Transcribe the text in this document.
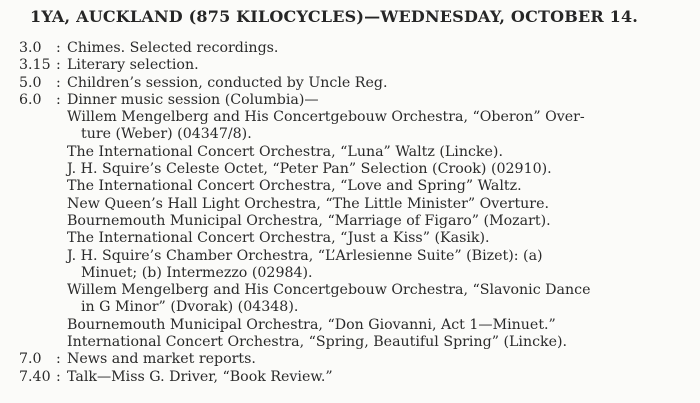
1YA, AUCKLAND (875 KILOCYCLES)—WEDNESDAY, OCTOBER 14.
3.0	: Chimes. Selected recordings.
3.15 : Literary selection.
5.0	: Children’s session, conducted by Uncle Reg.
6.0	: Dinner music session (Columbia)—
Willem Mengelberg and His Concertgebouw Orchestra, “Oberon” Over-
ture (Weber) (04347/8).
The International Concert Orchestra, “Luna” Waltz (Lincke).
J. H. Squire’s Celeste Octet, “Peter Pan” Selection (Crook) (02910).
The International Concert Orchestra, “Love and Spring” Waltz.
New Queen’s Hall Light Orchestra, “The Little Minister” Overture.
Bournemouth Municipal Orchestra, “Marriage of Figaro” (Mozart).
The International Concert Orchestra, “Just a Kiss” (Kasik).
J. H. Squire’s Chamber Orchestra, “L’Arlesienne Suite” (Bizet): (a)
Minuet; (b) Intermezzo (02984).
Willem Mengelberg and His Concertgebouw Orchestra, “Slavonic Dance
in G Minor” (Dvorak) (04348).
Bournemouth Municipal Orchestra, “Don Giovanni, Act 1—Minuet.”
International Concert Orchestra, “Spring, Beautiful Spring” (Lincke).
7.0	: News and market reports.
7.40 : Talk—Miss G. Driver, “Book Review.”
